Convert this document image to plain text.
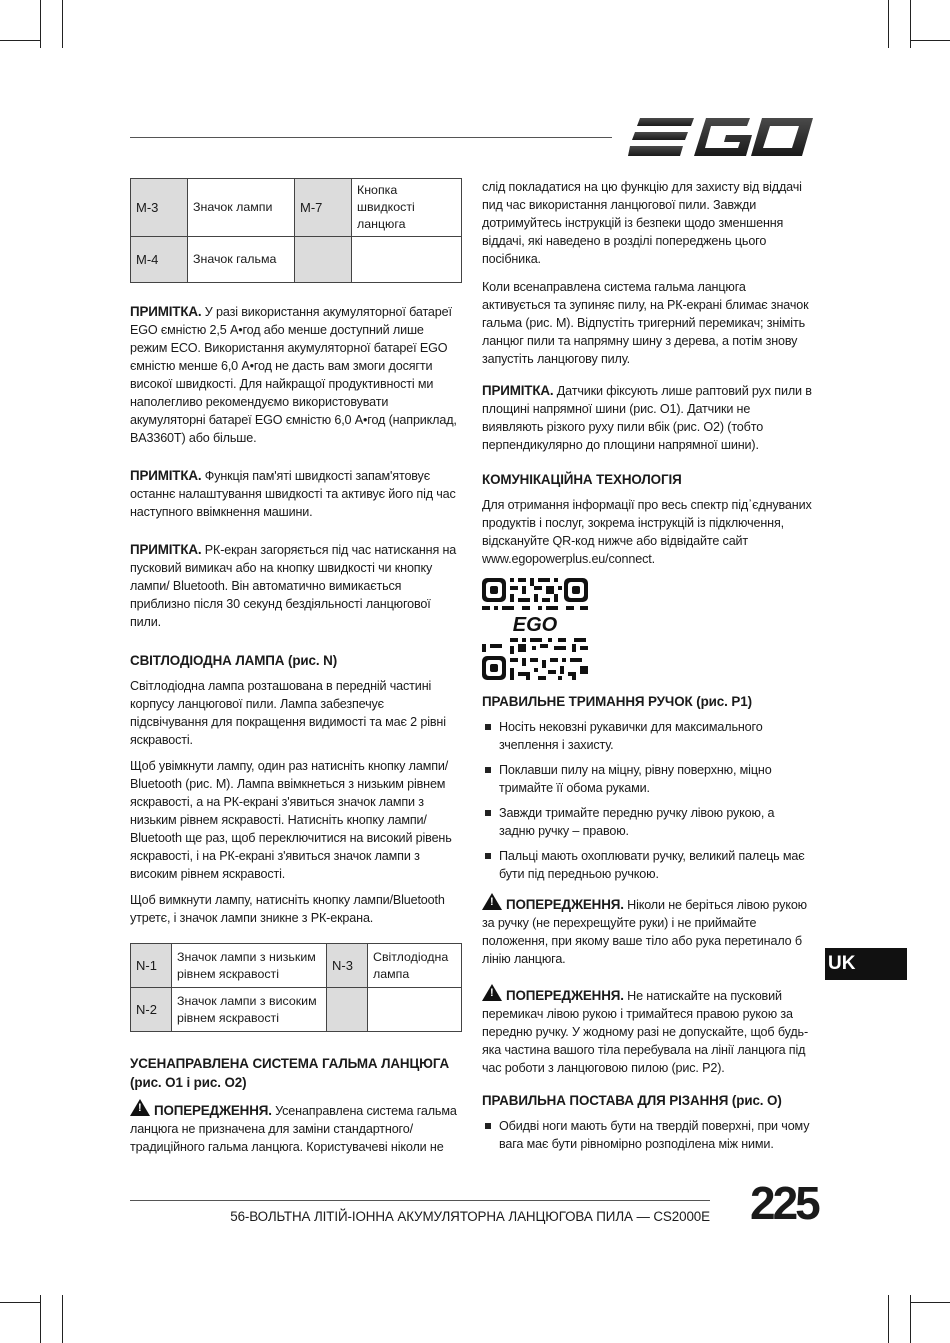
M-3	Значок лампи	M-7	Кнопка швидкості ланцюга
M-4	Значок гальма		

ПРИМІТКА. У разі використання акумуляторної батареї EGO ємністю 2,5 А•год або менше доступний лише режим ECO. Використання акумуляторної батареї EGO ємністю менше 6,0 А•год не дасть вам змоги досягти високої швидкості. Для найкращої продуктивності ми наполегливо рекомендуємо використовувати акумуляторні батареї EGO ємністю 6,0 А•год (наприклад, BA3360T) або більше.

ПРИМІТКА. Функція пам'яті швидкості запам'ятовує останнє налаштування швидкості та активує його під час наступного ввімкнення машини.

ПРИМІТКА. РК-екран загоряється під час натискання на пусковий вимикач або на кнопку швидкості чи кнопку лампи/ Bluetooth. Він автоматично вимикається приблизно після 30 секунд бездіяльності ланцюгової пили.

СВІТЛОДІОДНА ЛАМПА (рис. N)

Світлодіодна лампа розташована в передній частині корпусу ланцюгової пили. Лампа забезпечує підсвічування для покращення видимості та має 2 рівні яскравості.

Щоб увімкнути лампу, один раз натисніть кнопку лампи/ Bluetooth (рис. M). Лампа ввімкнеться з низьким рівнем яскравості, а на РК-екрані з'явиться значок лампи з низьким рівнем яскравості. Натисніть кнопку лампи/ Bluetooth ще раз, щоб переключитися на високий рівень яскравості, і на РК-екрані з'явиться значок лампи з високим рівнем яскравості.

Щоб вимкнути лампу, натисніть кнопку лампи/Bluetooth утретє, і значок лампи зникне з РК-екрана.

N-1	Значок лампи з низьким рівнем яскравості	N-3	Світлодіодна лампа
N-2	Значок лампи з високим рівнем яскравості		
УСЕНАПРАВЛЕНА СИСТЕМА ГАЛЬМА ЛАНЦЮГА (рис. O1 і рис. O2)

!ПОПЕРЕДЖЕННЯ. Усенаправлена система гальма ланцюга не призначена для заміни стандартного/ традиційного гальма ланцюга. Користувачеві ніколи не

слід покладатися на цю функцію для захисту від віддачі пид час використання ланцюгової пили. Завжди дотримуйтесь інструкцій із безпеки щодо зменшення віддачі, які наведено в розділі попереджень цього посібника.

Коли всенаправлена система гальма ланцюга активується та зупиняє пилу, на РК-екрані блимає значок гальма (рис. M). Відпустіть тригерний перемикач; зніміть ланцюг пили та напрямну шину з дерева, а потім знову запустіть ланцюгову пилу.

ПРИМІТКА. Датчики фіксують лише раптовий рух пили в площині напрямної шини (рис. O1). Датчики не виявляють різкого руху пили вбік (рис. O2) (тобто перпендикулярно до площини напрямної шини).

КОМУНІКАЦІЙНА ТЕХНОЛОГІЯ

Для отримання інформації про весь спектр під᾿єднуваних продуктів і послуг, зокрема інструкцій із підключення, відскануйте QR-код нижче або відвідайте сайт www.egopowerplus.eu/connect.

EGO
ПРАВИЛЬНЕ ТРИМАННЯ РУЧОК (рис. P1)
Носіть нековзні рукавички для максимального зчеплення і захисту.
Поклавши пилу на міцну, рівну поверхню, міцно тримайте її обома руками.
Завжди тримайте передню ручку лівою рукою, а задню ручку – правою.
Пальці мають охоплювати ручку, великий палець має бути під передньою ручкою.

!ПОПЕРЕДЖЕННЯ. Ніколи не беріться лівою рукою за ручку (не перехрещуйте руки) і не приймайте положення, при якому ваше тіло або рука перетинало б лінію ланцюга.

!ПОПЕРЕДЖЕННЯ. Не натискайте на пусковий перемикач лівою рукою і тримайтеся правою рукою за передню ручку. У жодному разі не допускайте, щоб будь-яка частина вашого тіла перебувала на лінії ланцюга під час роботи з ланцюговою пилою (рис. P2).

ПРАВИЛЬНА ПОСТАВА ДЛЯ РІЗАННЯ (рис. O)
Обидві ноги мають бути на твердій поверхні, при чому вага має бути рівномірно розподілена між ними.
UK
56-ВОЛЬТНА ЛІТІЙ-ІОННА АКУМУЛЯТОРНА ЛАНЦЮГОВА ПИЛА — CS2000E 225
